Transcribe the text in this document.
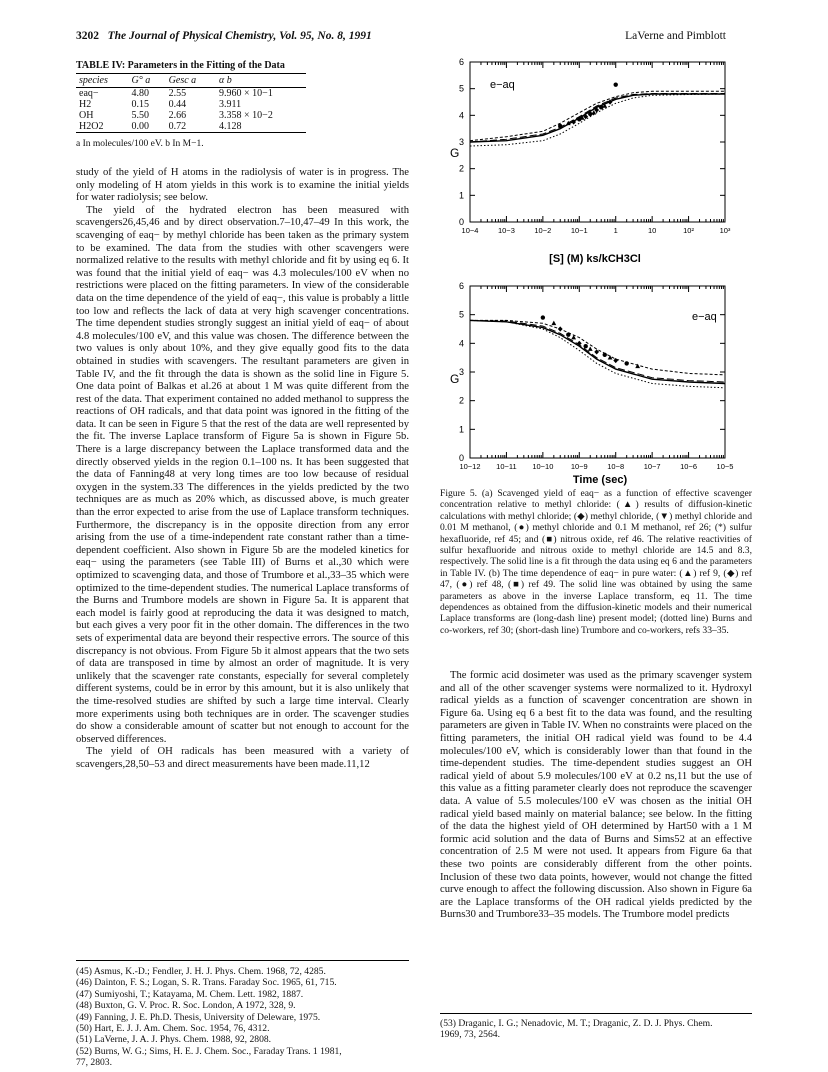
3202 The Journal of Physical Chemistry, Vol. 95, No. 8, 1991	LaVerne and Pimblott
TABLE IV: Parameters in the Fitting of the Data
species	G° a	Gesc a	α b
eaq−	4.80	2.55	9.960 × 10−1
H2	0.15	0.44	3.911
OH	5.50	2.66	3.358 × 10−2
H2O2	0.00	0.72	4.128
a In molecules/100 eV. b In M−1.

study of the yield of H atoms in the radiolysis of water is in progress. The only modeling of H atom yields in this work is to examine the initial yields for water radiolysis; see below.

The yield of the hydrated electron has been measured with scavengers26,45,46 and by direct observation.7–10,47–49 In this work, the scavenging of eaq− by methyl chloride has been taken as the primary system to be examined. The data from the studies with other scavengers were normalized relative to the results with methyl chloride and fit by using eq 6. It was found that the initial yield of eaq− was 4.3 molecules/100 eV when no restrictions were placed on the fitting parameters. In view of the considerable data on the time dependence of the yield of eaq−, this value is probably a little too low and reflects the lack of data at very high scavenger concentrations. The time dependent studies strongly suggest an initial yield of eaq− of about 4.8 molecules/100 eV, and this value was chosen. The difference between the two values is only about 10%, and they give equally good fits to the data obtained in studies with scavengers. The resultant parameters are given in Table IV, and the fit through the data is shown as the solid line in Figure 5. One data point of Balkas et al.26 at about 1 M was quite different from the rest of the data. That experiment contained no added methanol to suppress the reactions of OH radicals, and that data point was ignored in the fitting of the data. It can be seen in Figure 5 that the rest of the data are well represented by the fit. The inverse Laplace transform of Figure 5a is shown in Figure 5b. There is a large discrepancy between the Laplace transformed data and the directly observed yields in the region 0.1–100 ns. It has been suggested that the data of Fanning48 at very long times are too low because of residual oxygen in the system.33 The differences in the yields predicted by the two techniques are as much as 20% which, as discussed above, is much greater than the error expected to arise from the use of Laplace transform techniques. Furthermore, the discrepancy is in the opposite direction from any error arising from the use of a time-independent rate constant rather than a time-dependent coefficient. Also shown in Figure 5b are the modeled kinetics for eaq− using the parameters (see Table III) of Burns et al.,30 which were optimized to scavenging data, and those of Trumbore et al.,33–35 which were optimized to the time-dependent studies. The numerical Laplace transforms of the Burns and Trumbore models are shown in Figure 5a. It is apparent that each model is fairly good at reproducing the data it was designed to match, but each gives a very poor fit in the other domain. The differences in the two sets of experimental data are beyond their respective errors. The source of this discrepancy is not obvious. From Figure 5b it almost appears that the two sets of data are transposed in time by almost an order of magnitude. It is very unlikely that the scavenger rate constants, especially for several completely different systems, could be in error by this amount, but it is also unlikely that the time-resolved studies are shifted by such a large time interval. Clearly more experiments using both techniques are in order. The scavenger studies do show a considerable amount of scatter but not enough to account for the observed differences.

The yield of OH radicals has been measured with a variety of scavengers,28,50–53 and direct measurements have been made.11,12

(45) Asmus, K.-D.; Fendler, J. H. J. Phys. Chem. 1968, 72, 4285.
(46) Dainton, F. S.; Logan, S. R. Trans. Faraday Soc. 1965, 61, 715.
(47) Sumiyoshi, T.; Katayama, M. Chem. Lett. 1982, 1887.
(48) Buxton, G. V. Proc. R. Soc. London, A 1972, 328, 9.
(49) Fanning, J. E. Ph.D. Thesis, University of Deleware, 1975.
(50) Hart, E. J. J. Am. Chem. Soc. 1954, 76, 4312.
(51) LaVerne, J. A. J. Phys. Chem. 1988, 92, 2808.
(52) Burns, W. G.; Sims, H. E. J. Chem. Soc., Faraday Trans. 1 1981,
77, 2803.
0
1
2
3
4
5
6
10−4	10−3	10−2	10−1	1	10	10²	10³
e−aq
G
[S] (M) ks/kCH3Cl
0
1
2
3
4
5
6
10−12 10−11 10−10 10−9	10−8	10−7	10−6	10−5
e−aq
G
Time (sec)
Figure 5. (a) Scavenged yield of eaq− as a function of effective scavenger concentration relative to methyl chloride: (▲) results of diffusion-kinetic calculations with methyl chloride; (◆) methyl chloride, (▼) methyl chloride and 0.01 M methanol, (●) methyl chloride and 0.1 M methanol, ref 26; (*) sulfur hexafluoride, ref 45; and (■) nitrous oxide, ref 46. The relative reactivities of sulfur hexafluoride and nitrous oxide to methyl chloride are 14.5 and 8.3, respectively. The solid line is a fit through the data using eq 6 and the parameters in Table IV. (b) The time dependence of eaq− in pure water: (▲) ref 9, (◆) ref 47, (●) ref 48, (■) ref 49. The solid line was obtained by using the same parameters as above in the inverse Laplace transform, eq 11. The time dependences as obtained from the diffusion-kinetic models and their numerical Laplace transforms are (long-dash line) present model; (dotted line) Burns and co-workers, ref 30; (short-dash line) Trumbore and co-workers, refs 33–35.

The formic acid dosimeter was used as the primary scavenger system and all of the other scavenger systems were normalized to it. Hydroxyl radical yields as a function of scavenger concentration are shown in Figure 6a. Using eq 6 a best fit to the data was found, and the resulting parameters are given in Table IV. When no constraints were placed on the fitting parameters, the initial OH radical yield was found to be 4.4 molecules/100 eV, which is considerably lower than that found in the time-dependent studies. The time-dependent studies suggest an OH radical yield of about 5.9 molecules/100 eV at 0.2 ns,11 but the use of this value as a fitting parameter clearly does not reproduce the scavenger data. A value of 5.5 molecules/100 eV was chosen as the initial OH radical yield based mainly on material balance; see below. In the fitting of the data the highest yield of OH determined by Hart50 with a 1 M formic acid solution and the data of Burns and Sims52 at an effective concentration of 2.5 M were not used. It appears from Figure 6a that these two points are considerably different from the other points. Inclusion of these two data points, however, would not change the fitted curve enough to affect the following discussion. Also shown in Figure 6a are the Laplace transforms of the OH radical yields predicted by the Burns30 and Trumbore33–35 models. The Trumbore model predicts

(53) Draganic, I. G.; Nenadovic, M. T.; Draganic, Z. D. J. Phys. Chem.
1969, 73, 2564.
